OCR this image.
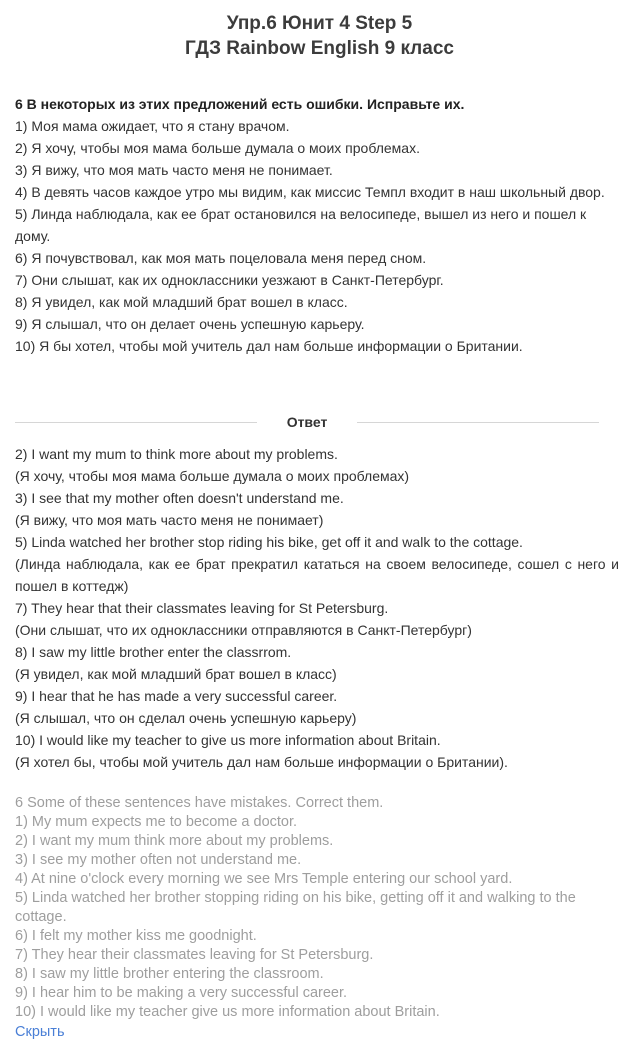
Упр.6 Юнит 4 Step 5
ГДЗ Rainbow English 9 класс
6 В некоторых из этих предложений есть ошибки. Исправьте их.
1) Моя мама ожидает, что я стану врачом.
2) Я хочу, чтобы моя мама больше думала о моих проблемах.
3) Я вижу, что моя мать часто меня не понимает.
4) В девять часов каждое утро мы видим, как миссис Темпл входит в наш школьный двор.
5) Линда наблюдала, как ее брат остановился на велосипеде, вышел из него и пошел к дому.
6) Я почувствовал, как моя мать поцеловала меня перед сном.
7) Они слышат, как их одноклассники уезжают в Санкт-Петербург.
8) Я увидел, как мой младший брат вошел в класс.
9) Я слышал, что он делает очень успешную карьеру.
10) Я бы хотел, чтобы мой учитель дал нам больше информации о Британии.
Ответ
2) I want my mum to think more about my problems.
(Я хочу, чтобы моя мама больше думала о моих проблемах)
3) I see that my mother often doesn't understand me.
(Я вижу, что моя мать часто меня не понимает)
5) Linda watched her brother stop riding his bike, get off it and walk to the cottage.
(Линда наблюдала, как ее брат прекратил кататься на своем велосипеде, сошел с него и пошел в коттедж)
7) They hear that their classmates leaving for St Petersburg.
(Они слышат, что их одноклассники отправляются в Санкт-Петербург)
8) I saw my little brother enter the classrrom.
(Я увидел, как мой младший брат вошел в класс)
9) I hear that he has made a very successful career.
(Я слышал, что он сделал очень успешную карьеру)
10) I would like my teacher to give us more information about Britain.
(Я хотел бы, чтобы мой учитель дал нам больше информации о Британии).
6 Some of these sentences have mistakes. Correct them.
1) My mum expects me to become a doctor.
2) I want my mum think more about my problems.
3) I see my mother often not understand me.
4) At nine o'clock every morning we see Mrs Temple entering our school yard.
5) Linda watched her brother stopping riding on his bike, getting off it and walking to the cottage.
6) I felt my mother kiss me goodnight.
7) They hear their classmates leaving for St Petersburg.
8) I saw my little brother entering the classroom.
9) I hear him to be making a very successful career.
10) I would like my teacher give us more information about Britain.
Скрыть
